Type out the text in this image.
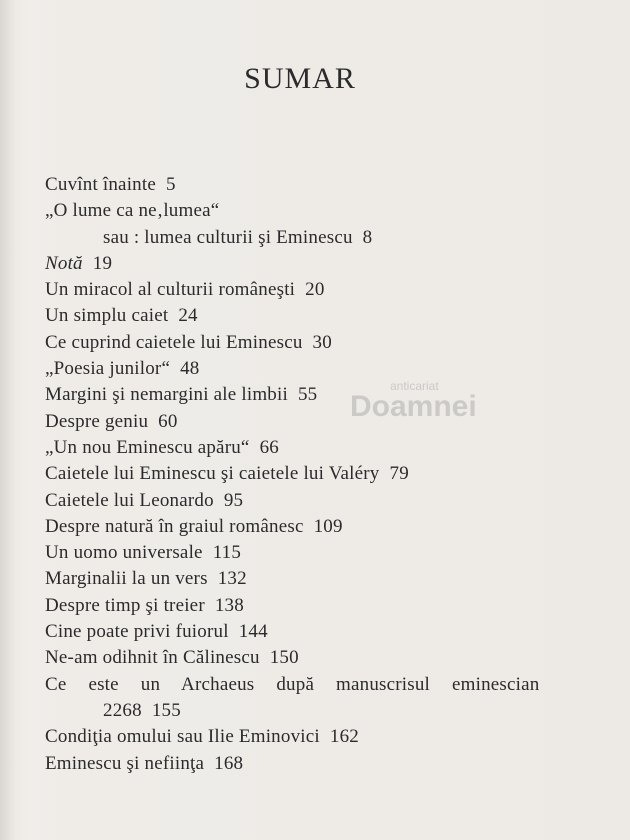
SUMAR
anticariat
Doamnei
Cuvînt înainte 5
„O lume ca ne‚lumea“
sau : lumea culturii şi Eminescu 8
Notă 19
Un miracol al culturii româneşti 20
Un simplu caiet 24
Ce cuprind caietele lui Eminescu 30
„Poesia junilor“ 48
Margini şi nemargini ale limbii 55
Despre geniu 60
„Un nou Eminescu apăru“ 66
Caietele lui Eminescu şi caietele lui Valéry 79
Caietele lui Leonardo 95
Despre natură în graiul românesc 109
Un uomo universale 115
Marginalii la un vers 132
Despre timp şi treier 138
Cine poate privi fuiorul 144
Ne-am odihnit în Călinescu 150
Ce este un Archaeus după manuscrisul eminescian
2268 155
Condiţia omului sau Ilie Eminovici 162
Eminescu şi nefiinţa 168
